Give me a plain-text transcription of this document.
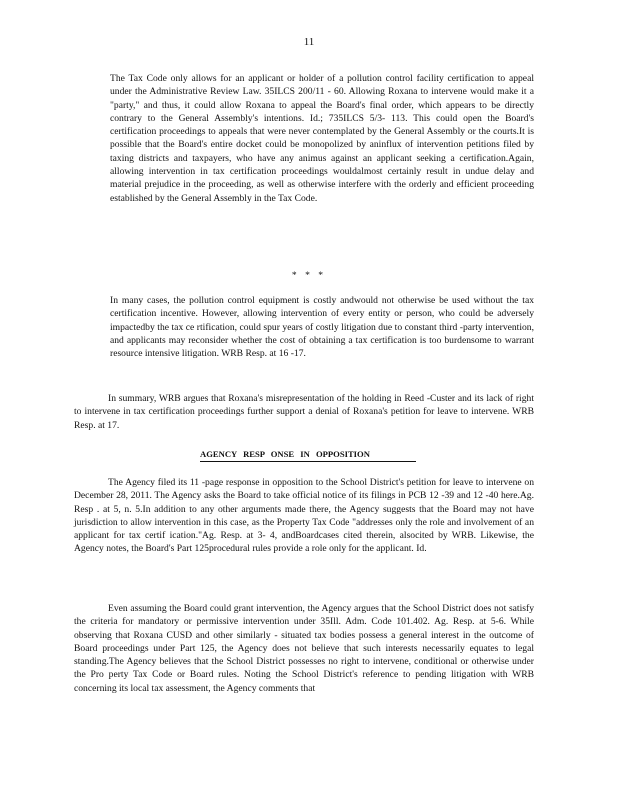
11

The Tax Code only allows for an applicant or holder of a pollution control facility certification to appeal under the Administrative Review Law. 35ILCS 200/11 - 60. Allowing Roxana to intervene would make it a "party," and thus, it could allow Roxana to appeal the Board's final order, which appears to be directly contrary to the General Assembly's intentions. Id.; 735ILCS 5/3- 113. This could open the Board's certification proceedings to appeals that were never contemplated by the General Assembly or the courts.It is possible that the Board's entire docket could be monopolized by aninflux of intervention petitions filed by taxing districts and taxpayers, who have any animus against an applicant seeking a certification.Again, allowing intervention in tax certification proceedings wouldalmost certainly result in undue delay and material prejudice in the proceeding, as well as otherwise interfere with the orderly and efficient proceeding established by the General Assembly in the Tax Code.

* * *

In many cases, the pollution control equipment is costly andwould not otherwise be used without the tax certification incentive. However, allowing intervention of every entity or person, who could be adversely impactedby the tax ce rtification, could spur years of costly litigation due to constant third -party intervention, and applicants may reconsider whether the cost of obtaining a tax certification is too burdensome to warrant resource intensive litigation. WRB Resp. at 16 -17.

In summary, WRB argues that Roxana's misrepresentation of the holding in Reed -Custer and its lack of right to intervene in tax certification proceedings further support a denial of Roxana's petition for leave to intervene. WRB Resp. at 17.

AGENCY RESP ONSE IN OPPOSITION

The Agency filed its 11 -page response in opposition to the School District's petition for leave to intervene on December 28, 2011. The Agency asks the Board to take official notice of its filings in PCB 12 -39 and 12 -40 here.Ag. Resp . at 5, n. 5.In addition to any other arguments made there, the Agency suggests that the Board may not have jurisdiction to allow intervention in this case, as the Property Tax Code "addresses only the role and involvement of an applicant for tax certif ication."Ag. Resp. at 3- 4, andBoardcases cited therein, alsocited by WRB. Likewise, the Agency notes, the Board's Part 125procedural rules provide a role only for the applicant. Id.

Even assuming the Board could grant intervention, the Agency argues that the School District does not satisfy the criteria for mandatory or permissive intervention under 35Ill. Adm. Code 101.402. Ag. Resp. at 5-6. While observing that Roxana CUSD and other similarly - situated tax bodies possess a general interest in the outcome of Board proceedings under Part 125, the Agency does not believe that such interests necessarily equates to legal standing.The Agency believes that the School District possesses no right to intervene, conditional or otherwise under the Pro perty Tax Code or Board rules. Noting the School District's reference to pending litigation with WRB concerning its local tax assessment, the Agency comments that
